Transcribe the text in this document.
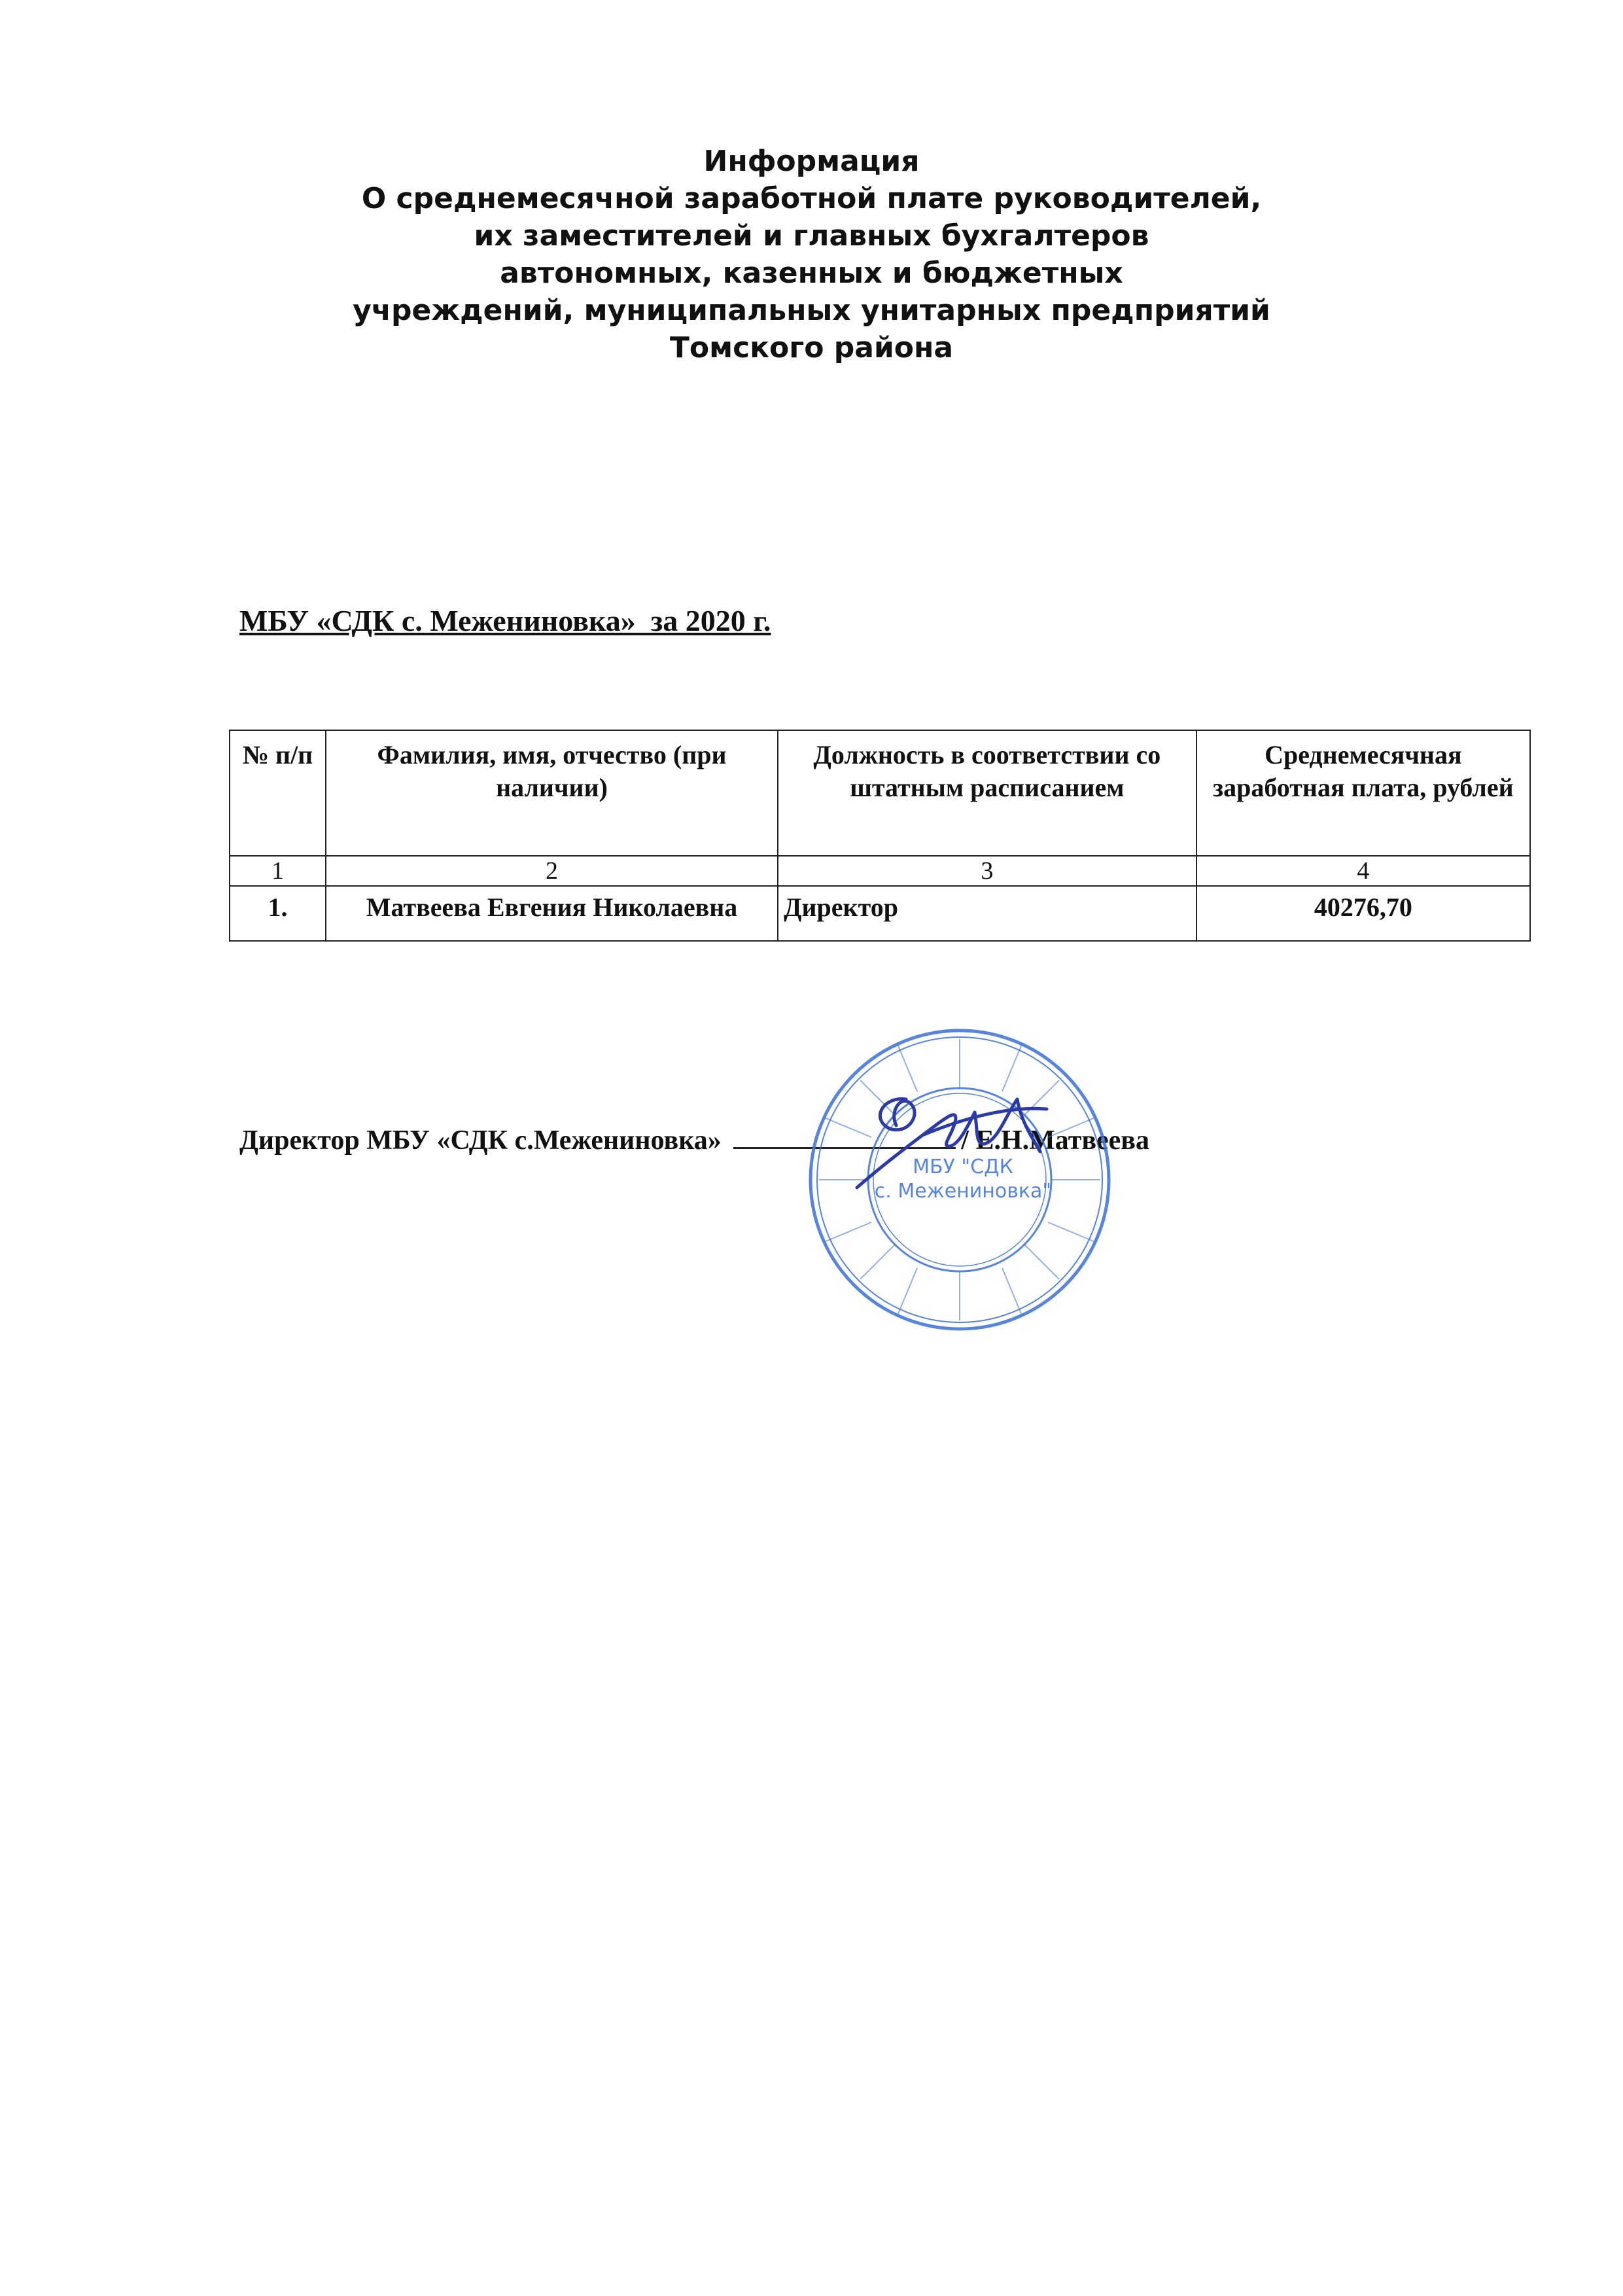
Информация
О среднемесячной заработной плате руководителей,
их заместителей и главных бухгалтеров
автономных, казенных и бюджетных
учреждений, муниципальных унитарных предприятий
Томского района
МБУ «СДК с. Межениновка»  за 2020 г.
№ п/п	Фамилия, имя, отчество (при наличии)	Должность в соответствии со штатным расписанием	Среднемесячная заработная плата, рублей
1	2	3	4
1.	Матвеева Евгения Николаевна	Директор	40276,70
Директор МБУ «СДК с.Межениновка»	/ Е.Н.Матвеева
МБУ "СДК
с. Межениновка"
